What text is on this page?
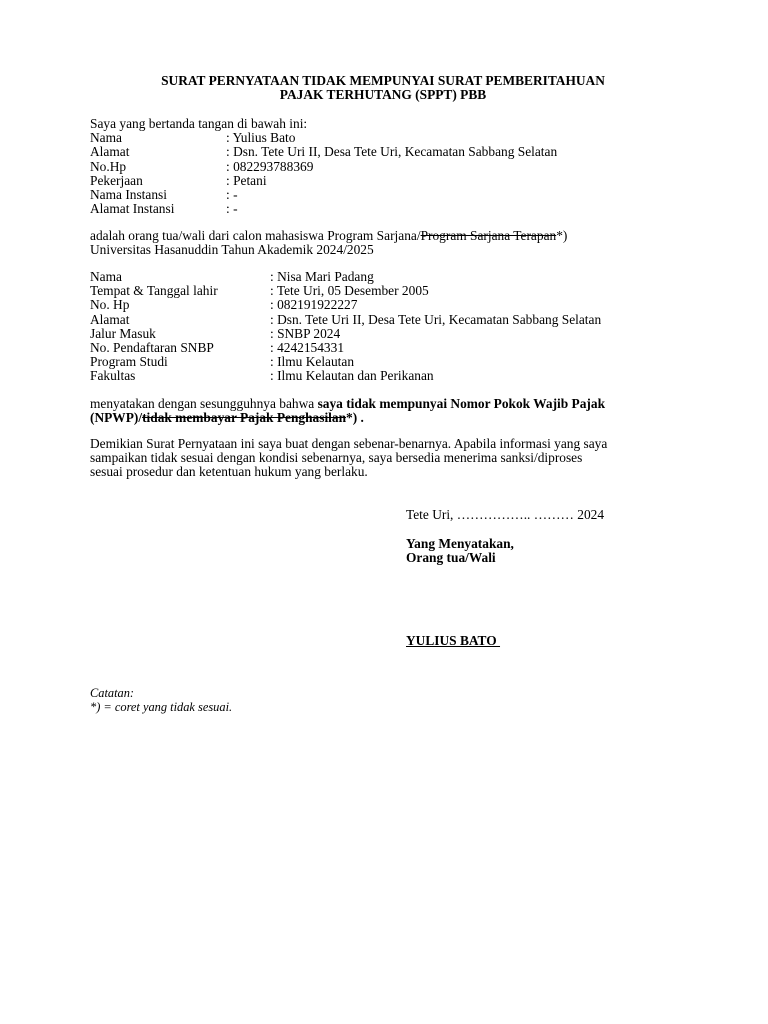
SURAT PERNYATAAN TIDAK MEMPUNYAI SURAT PEMBERITAHUAN
PAJAK TERHUTANG (SPPT) PBB
Saya yang bertanda tangan di bawah ini:
Nama	: Yulius Bato
Alamat	: Dsn. Tete Uri II, Desa Tete Uri, Kecamatan Sabbang Selatan
No.Hp	: 082293788369
Pekerjaan	: Petani
Nama Instansi	: -
Alamat Instansi	: -
adalah orang tua/wali dari calon mahasiswa Program Sarjana/Program Sarjana Terapan*)
Universitas Hasanuddin Tahun Akademik 2024/2025
Nama	: Nisa Mari Padang
Tempat & Tanggal lahir	: Tete Uri, 05 Desember 2005
No. Hp	: 082191922227
Alamat	: Dsn. Tete Uri II, Desa Tete Uri, Kecamatan Sabbang Selatan
Jalur Masuk	: SNBP 2024
No. Pendaftaran SNBP	: 4242154331
Program Studi	: Ilmu Kelautan
Fakultas	: Ilmu Kelautan dan Perikanan
menyatakan dengan sesungguhnya bahwa saya tidak mempunyai Nomor Pokok Wajib Pajak
(NPWP)/tidak membayar Pajak Penghasilan*) .
Demikian Surat Pernyataan ini saya buat dengan sebenar-benarnya. Apabila informasi yang saya
sampaikan tidak sesuai dengan kondisi sebenarnya, saya bersedia menerima sanksi/diproses
sesuai prosedur dan ketentuan hukum yang berlaku.
Tete Uri, …………….. ……… 2024
Yang Menyatakan,
Orang tua/Wali
YULIUS BATO
Catatan:
*) = coret yang tidak sesuai.
